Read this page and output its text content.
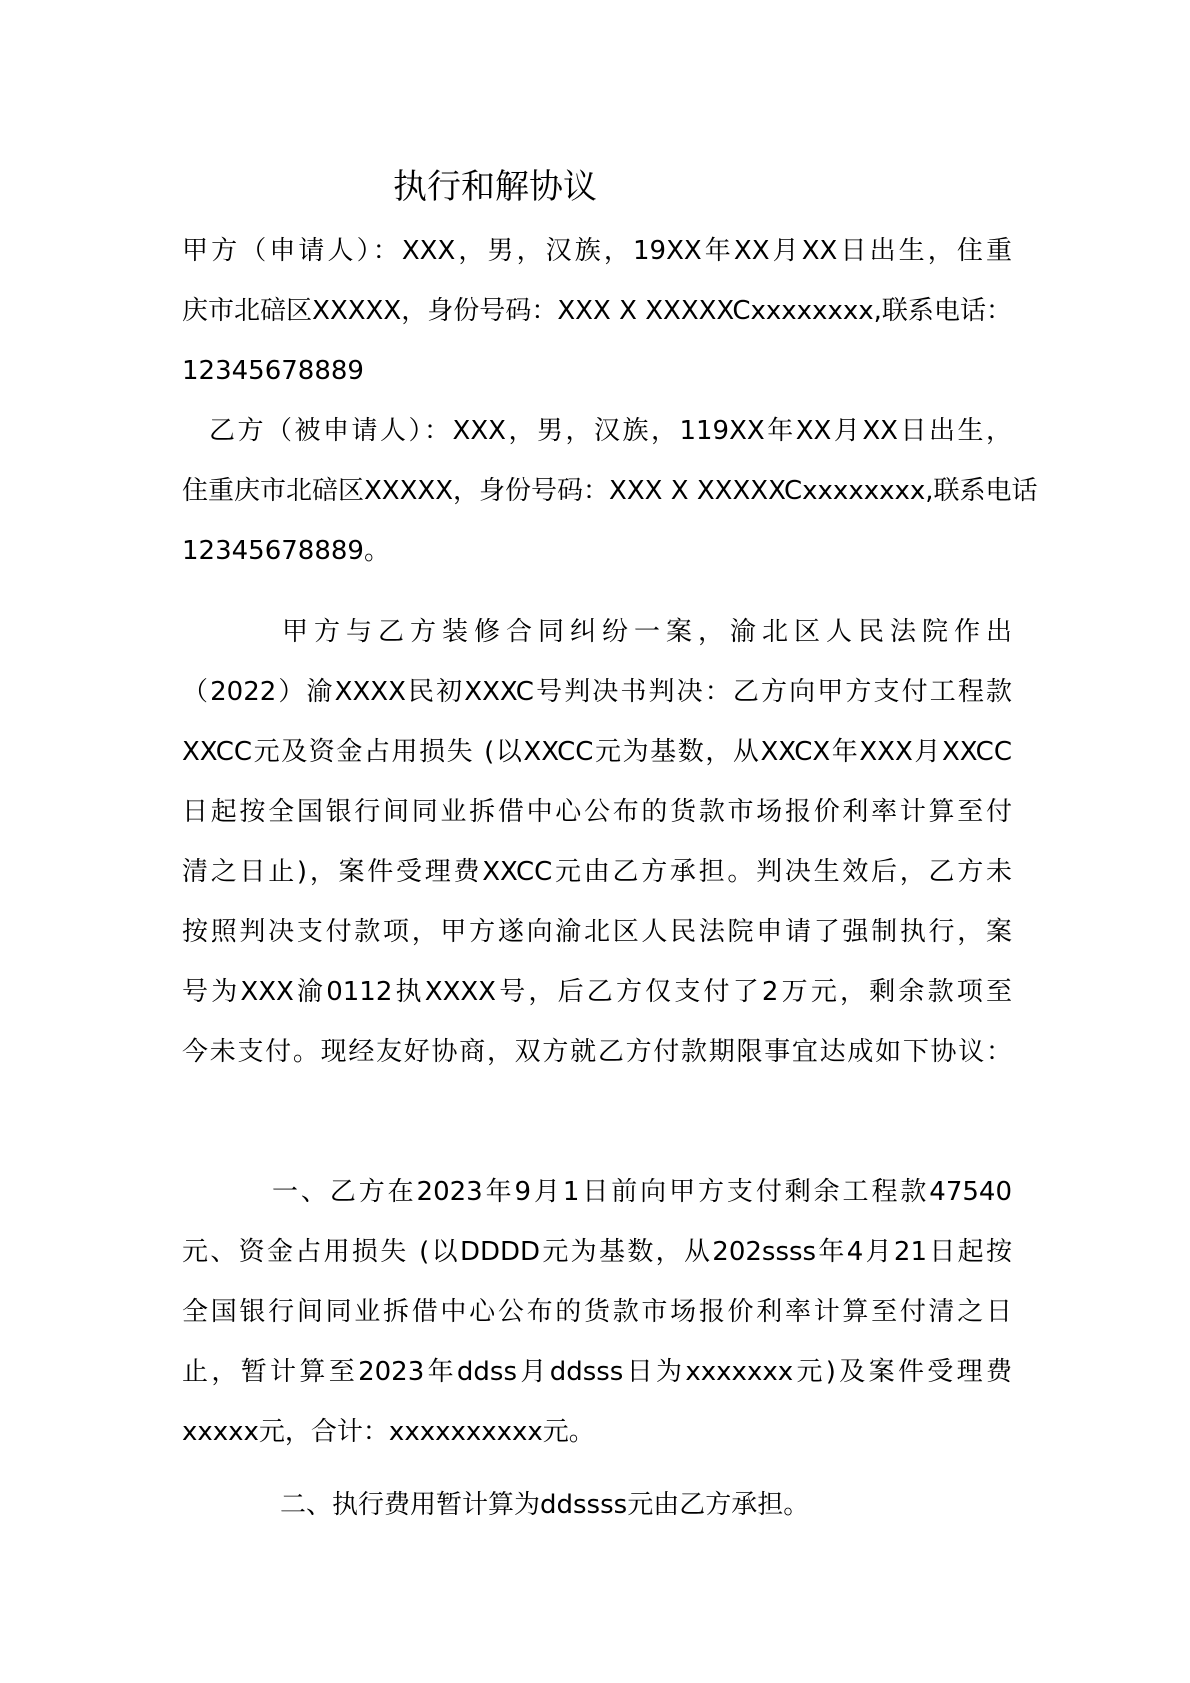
执行和解协议
甲方（申请人）：XXX，男，汉族，19XX年XX月XX日出生，住重
庆市北碚区XXXXX，身份号码：XXX X XXXXXCxxxxxxxx,联系电话：
12345678889
乙方（被申请人）：XXX，男，汉族，119XX年XX月XX日出生，
住重庆市北碚区XXXXX，身份号码：XXX X XXXXXCxxxxxxxx,联系电话
12345678889。
甲方与乙方装修合同纠纷一案，渝北区人民法院作出
（2022）渝XXXX民初XXXC号判决书判决：乙方向甲方支付工程款
XXCC元及资金占用损失 (以XXCC元为基数，从XXCX年XXX月XXCC
日起按全国银行间同业拆借中心公布的货款市场报价利率计算至付
清之日止)，案件受理费XXCC元由乙方承担。判决生效后，乙方未
按照判决支付款项，甲方遂向渝北区人民法院申请了强制执行，案
号为XXX渝0112执XXXX号，后乙方仅支付了2万元，剩余款项至
今未支付。现经友好协商，双方就乙方付款期限事宜达成如下协议：
一、乙方在2023年9月1日前向甲方支付剩余工程款47540
元、资金占用损失 (以DDDD元为基数，从202ssss年4月21日起按
全国银行间同业拆借中心公布的货款市场报价利率计算至付清之日
止，暂计算至2023年ddss月ddsss日为xxxxxxx元)及案件受理费
xxxxx元，合计：xxxxxxxxxx元。
二、执行费用暂计算为ddssss元由乙方承担。
